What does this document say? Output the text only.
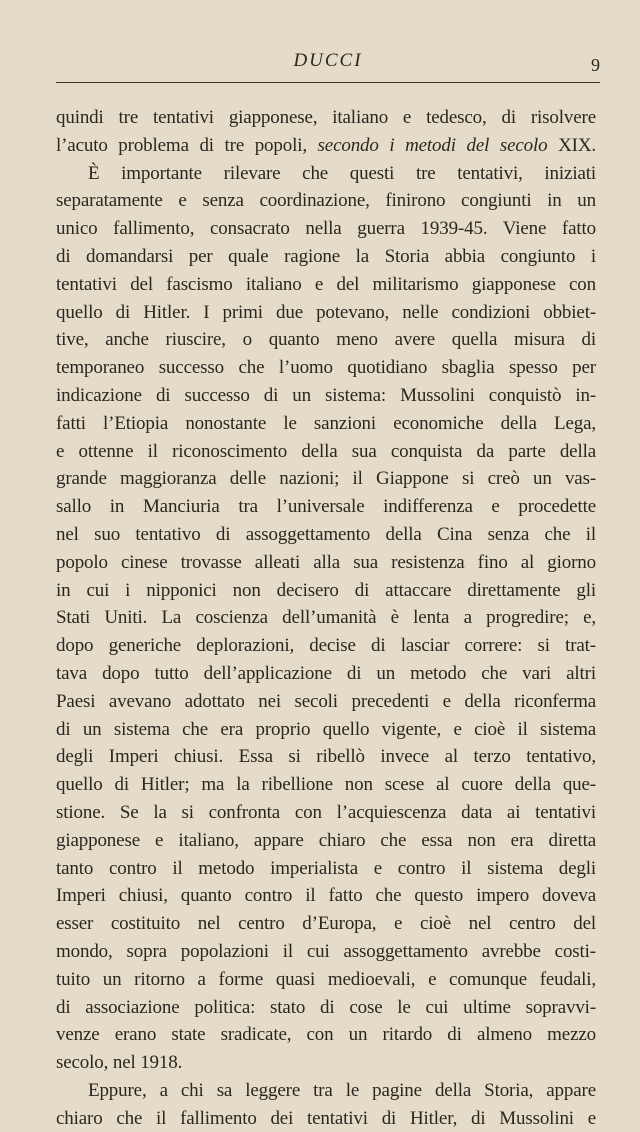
DUCCI	9
quindi tre tentativi giapponese, italiano e tedesco, di risolvere
l’acuto problema di tre popoli, secondo i metodi del secolo XIX.
È importante rilevare che questi tre tentativi, iniziati
separatamente e senza coordinazione, finirono congiunti in un
unico fallimento, consacrato nella guerra 1939-45. Viene fatto
di domandarsi per quale ragione la Storia abbia congiunto i
tentativi del fascismo italiano e del militarismo giapponese con
quello di Hitler. I primi due potevano, nelle condizioni obbiet-
tive, anche riuscire, o quanto meno avere quella misura di
temporaneo successo che l’uomo quotidiano sbaglia spesso per
indicazione di successo di un sistema: Mussolini conquistò in-
fatti l’Etiopia nonostante le sanzioni economiche della Lega,
e ottenne il riconoscimento della sua conquista da parte della
grande maggioranza delle nazioni; il Giappone si creò un vas-
sallo in Manciuria tra l’universale indifferenza e procedette
nel suo tentativo di assoggettamento della Cina senza che il
popolo cinese trovasse alleati alla sua resistenza fino al giorno
in cui i nipponici non decisero di attaccare direttamente gli
Stati Uniti. La coscienza dell’umanità è lenta a progredire; e,
dopo generiche deplorazioni, decise di lasciar correre: si trat-
tava dopo tutto dell’applicazione di un metodo che vari altri
Paesi avevano adottato nei secoli precedenti e della riconferma
di un sistema che era proprio quello vigente, e cioè il sistema
degli Imperi chiusi. Essa si ribellò invece al terzo tentativo,
quello di Hitler; ma la ribellione non scese al cuore della que-
stione. Se la si confronta con l’acquiescenza data ai tentativi
giapponese e italiano, appare chiaro che essa non era diretta
tanto contro il metodo imperialista e contro il sistema degli
Imperi chiusi, quanto contro il fatto che questo impero doveva
esser costituito nel centro d’Europa, e cioè nel centro del
mondo, sopra popolazioni il cui assoggettamento avrebbe costi-
tuito un ritorno a forme quasi medioevali, e comunque feudali,
di associazione politica: stato di cose le cui ultime sopravvi-
venze erano state sradicate, con un ritardo di almeno mezzo
secolo, nel 1918.
Eppure, a chi sa leggere tra le pagine della Storia, appare
chiaro che il fallimento dei tentativi di Hitler, di Mussolini e
